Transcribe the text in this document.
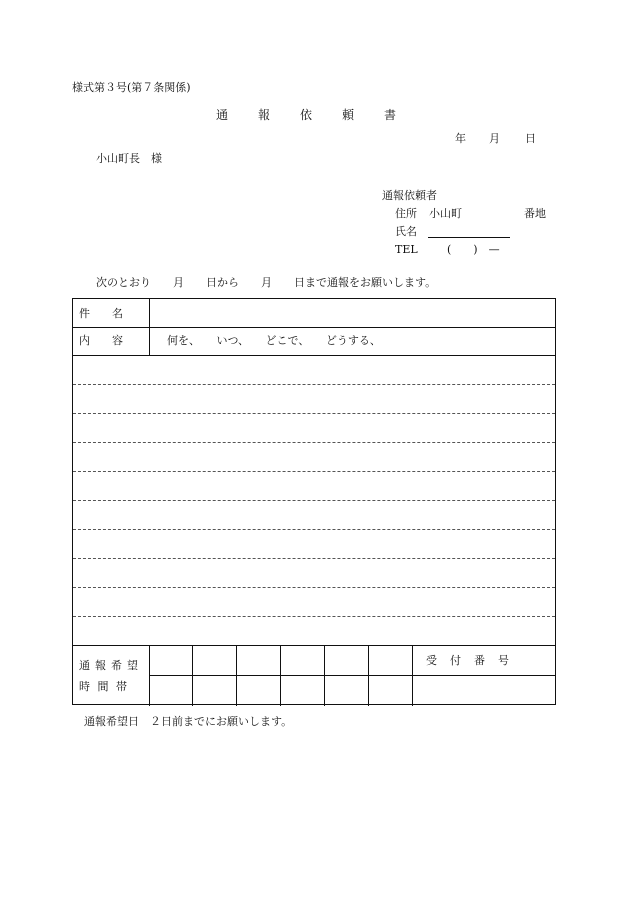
様式第３号(第７条関係)
通報依頼書
年 月 日
小山町長　様
通報依頼者
住所 小山町	番地
氏名
TEL	(　　)　—
次のとおり　　月　　日から　　月　　日まで通報をお願いします。
件　　名
内　　容	何を、　　いつ、　　どこで、　　どうする、
通報希望
時 間 帯
受　付　番　号
通報希望日　２日前までにお願いします。
